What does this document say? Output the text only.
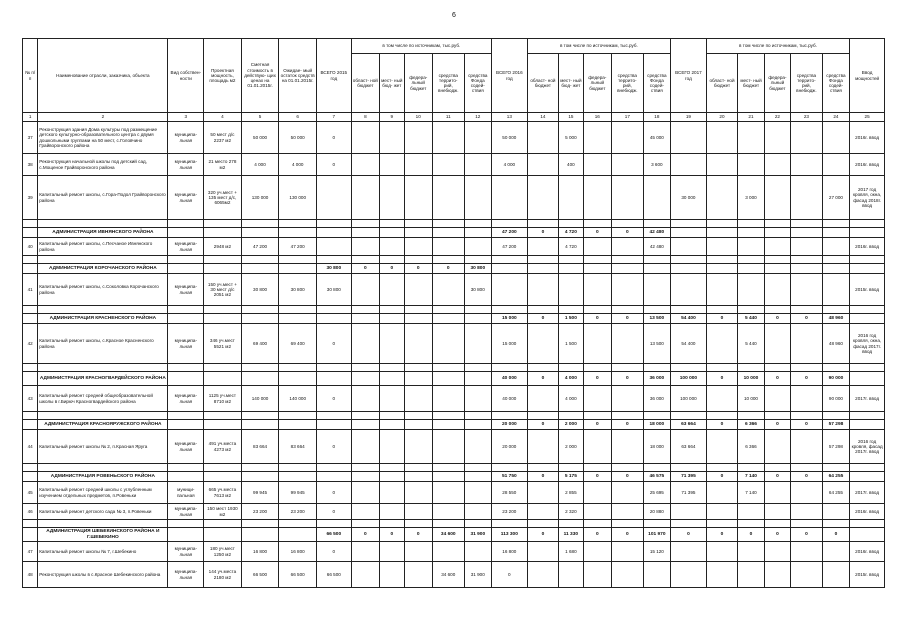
6
№ п/п	Наименование отрасли, заказчика, объекта	Вид собствен- ности	Проектная мощность, площадь м2	Сметная стоимость в действую- щих ценах на 01.01.2015г.	Ожидае- мый остаток средств на 01.01.2015г.	ВСЕГО 2015 год	в том числе по источникам, тыс.руб.					ВСЕГО 2016 год	в том числе по источникам, тыс.руб.					ВСЕГО 2017 год	в том числе по источникам, тыс.руб.					Ввод мощностей
							област- ной бюджет	мест- ный бюд- жет	федера- льный бюджет	средства террито- рий, внебюдж.	средства Фонда содей- ствия		област- ной бюджет	мест- ный бюд- жет	федера- льный бюджет	средства террито- рий, внебюдж.	средства Фонда содей- ствия		област- ной бюджет	мест- ный бюджет	федера- льный бюджет	средства террито- рий, внебюдж.	средства Фонда содей- ствия	
1	2	3	4	5	6	7	8	9	10	11	12	13	14	15	16	17	18	19	20	21	22	23	24	25
37	Реконструкция здания Дома культуры под размещение детского культурно-образовательного центра с двумя дошкольными группами на 50 мест, с.Головчино Грайворонского района	муниципа- льная	50 мест д/с 2237 м2	50 000	50 000	0						50 000		5 000			45 000							2016г. ввод
38	Реконструкция начальной школы под детский сад, с.Мощеное Грайворонского района	муниципа- льная	21 место 278 м2	4 000	4 000	0						4 000		400			3 600							2016г. ввод
39	Капитальный ремонт школы, с.Гора-Подол Грайворонского района	муниципа- льная	320 уч.мест + 135 мест д/с, 6065м2	130 000	130 000													30 000		3 000			27 000	2017 год кровля, окна, фасад 2018г. ввод

	АДМИНИСТРАЦИЯ ИВНЯНСКОГО РАЙОНА											47 200	0	4 720	0	0	42 480							
40	Капитальный ремонт школы, с.Песчаное Ивнянского района	муниципа- льная	2948 м2	47 200	47 200							47 200		4 720			42 480							2016г. ввод

	АДМИНИСТРАЦИЯ КОРОЧАНСКОГО РАЙОНА					30 800	0	0	0	0	30 800													
41	Капитальный ремонт школы, с.Соколовка Корочанского района	муниципа- льная	150 уч.мест + 30 мест д/с 2051 м2	30 800	30 800	30 800					30 800													2015г. ввод

	АДМИНИСТРАЦИЯ КРАСНЕНСКОГО РАЙОНА											15 000	0	1 500	0	0	13 500	54 400	0	5 440	0	0	48 960	
42	Капитальный ремонт школы, с.Красное Красненского района	муниципа- льная	346 уч.мест 5521 м2	69 400	69 400	0						15 000		1 500			13 500	54 400		5 440			48 960	2016 год кровля, окна, фасад 2017г. ввод

	АДМИНИСТРАЦИЯ КРАСНОГВАРДЕЙСКОГО РАЙОНА											40 000	0	4 000	0	0	36 000	100 000	0	10 000	0	0	90 000	
43	Капитальный ремонт средней общеобразовательной школы в г.Бирюч Красногвардейского района	муниципа- льная	1125 уч.мест 8710 м2	140 000	140 000	0						40 000		4 000			36 000	100 000		10 000			90 000	2017г. ввод

	АДМИНИСТРАЦИЯ КРАСНОЯРУЖСКОГО РАЙОНА											20 000	0	2 000	0	0	18 000	63 664	0	6 366	0	0	57 298	
44	Капитальный ремонт школы № 2, п.Красная Яруга	муниципа- льная	491 уч.места 4273 м2	83 664	83 664	0						20 000		2 000			18 000	63 664		6 366			57 298	2016 год кровля, фасад 2017г. ввод

	АДМИНИСТРАЦИЯ РОВЕНЬСКОГО РАЙОНА											51 750	0	5 175	0	0	46 575	71 395	0	7 140	0	0	64 255	
45	Капитальный ремонт средней школы с углубленным изучением отдельных предметов, п.Ровеньки	муници- пальная	665 уч.места 7613 м2	99 945	99 945	0						28 550		2 855			25 695	71 395		7 140			64 255	2017г. ввод
46	Капитальный ремонт детского сада № 3, п.Ровеньки	муниципа- льная	150 мест 1930 м2	23 200	23 200	0						23 200		2 320			20 880							2016г. ввод

	АДМИНИСТРАЦИЯ ШЕБЕКИНСКОГО РАЙОНА И Г.ШЕБЕКИНО					66 500	0	0	0	34 600	31 900	113 300	0	11 330	0	0	101 970	0	0	0	0	0	0	
47	Капитальный ремонт школы № 7, г.Шебекино	муниципа- льная	180 уч.мест 1250 м2	16 800	16 800	0						16 800		1 680			15 120							2016г. ввод
48	Реконструкция школы в с.Красное Шебекинского района	муниципа- льная	144 уч.места 2180 м2	66 500	66 500	66 500				34 600	31 900	0												2015г. ввод
